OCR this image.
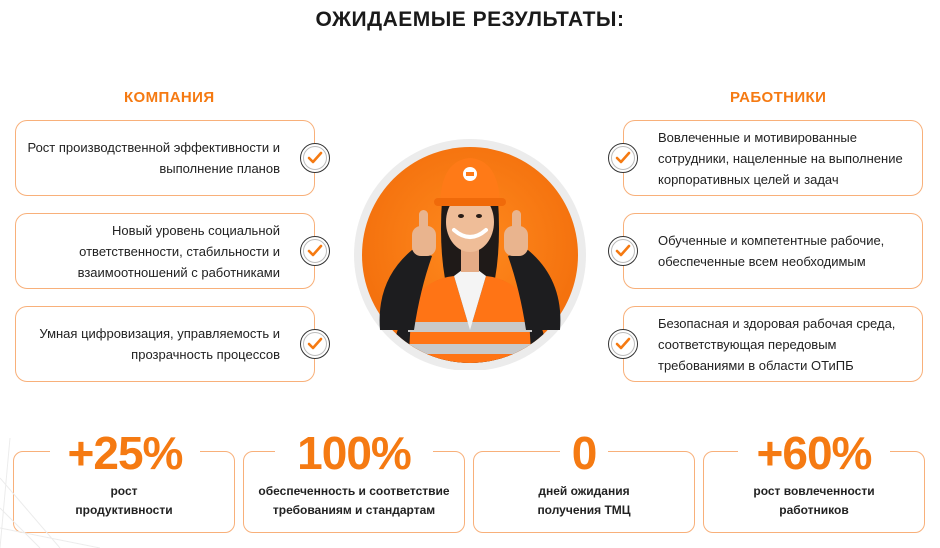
ОЖИДАЕМЫЕ РЕЗУЛЬТАТЫ:
КОМПАНИЯ	РАБОТНИКИ
Рост производственной эффективности и
выполнение планов
Новый уровень социальной
ответственности, стабильности и
взаимоотношений с работниками
Умная цифровизация, управляемость и
прозрачность процессов
Вовлеченные и мотивированные
сотрудники, нацеленные на выполнение
корпоративных целей и задач
Обученные и компетентные рабочие,
обеспеченные всем необходимым
Безопасная и здоровая рабочая среда,
соответствующая передовым
требованиями в области ОТиПБ
+25%	100%	0	+60%
рост
продуктивности
обеспеченность и соответствие
требованиям и стандартам
дней ожидания
получения ТМЦ
рост вовлеченности
работников
